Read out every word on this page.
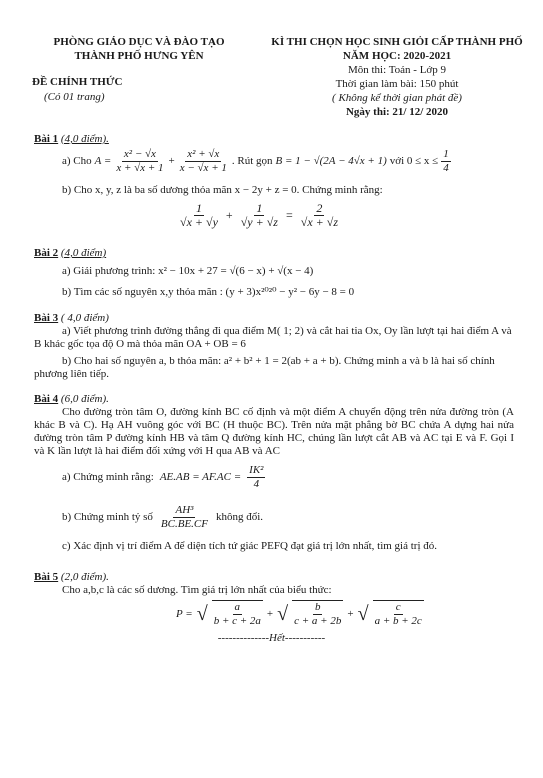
PHÒNG GIÁO DỤC VÀ ĐÀO TẠO
THÀNH PHỐ HƯNG YÊN
ĐỀ CHÍNH THỨC
(Có 01 trang)
KÌ THI CHỌN HỌC SINH GIỎI CẤP THÀNH PHỐ
NĂM HỌC: 2020-2021
Môn thi: Toán - Lớp 9
Thời gian làm bài: 150 phút
( Không kể thời gian phát đề)
Ngày thi: 21/ 12/ 2020
Bài 1 (4,0 điểm).
a) Cho $A = \frac{\text{x² − √x}}{x + √x + 1} + \frac{\text{x² + √x}}{x - √x + 1}$ . Rút gọn B = 1 − √(2A − 4√x + 1) với $0 \le x \le \frac{1}{4}$
b) Cho x, y, z là ba số dương thỏa mãn x − 2y + z = 0. Chứng minh rằng:
$\frac{1}{√x + √y} + \frac{1}{√y + √z} = \frac{2}{√x + √z}$
Bài 2 (4,0 điểm)
a) Giải phương trình: x² − 10x + 27 = √(6 − x) + √(x − 4)
b) Tìm các số nguyên x,y thỏa mãn : (y + 3)x²⁰²⁰ − y² − 6y − 8 = 0
Bài 3 ( 4,0 điểm)
a) Viết phương trình đường thẳng đi qua điểm M( 1; 2) và cắt hai tia Ox, Oy lần lượt tại hai điểm A và B khác gốc tọa độ O mà thỏa mãn OA + OB = 6
b) Cho hai số nguyên a, b thỏa mãn: a² + b² + 1 = 2(ab + a + b). Chứng minh a và b là hai số chính phương liên tiếp.
Bài 4 (6,0 điểm).
Cho đường tròn tâm O, đường kính BC cố định và một điểm A chuyển động trên nửa đường tròn (A khác B và C). Hạ AH vuông góc với BC (H thuộc BC). Trên nửa mặt phẳng bờ BC chứa A dựng hai nửa đường tròn tâm P đường kính HB và tâm Q đường kính HC, chúng lần lượt cắt AB và AC tại E và F. Gọi I và K lần lượt là hai điểm đối xứng với H qua AB và AC
a) Chứng minh rằng: $AE.AB = AF.AC = \frac{\text{IK²}}{4}$
b) Chứng minh tỷ số $\frac{\text{AH³}}{BC.BE.CF}$ không đổi.
c) Xác định vị trí điểm A để diện tích tứ giác PEFQ đạt giá trị lớn nhất, tìm giá trị đó.
Bài 5 (2,0 điểm).
Cho a,b,c là các số dương. Tìm giá trị lớn nhất của biểu thức:
P = √ $\frac{a}{b + c + 2a}$ + √ $\frac{b}{c + a + 2b}$ + √ $\frac{c}{a + b + 2c}$
--------------Hết-----------
